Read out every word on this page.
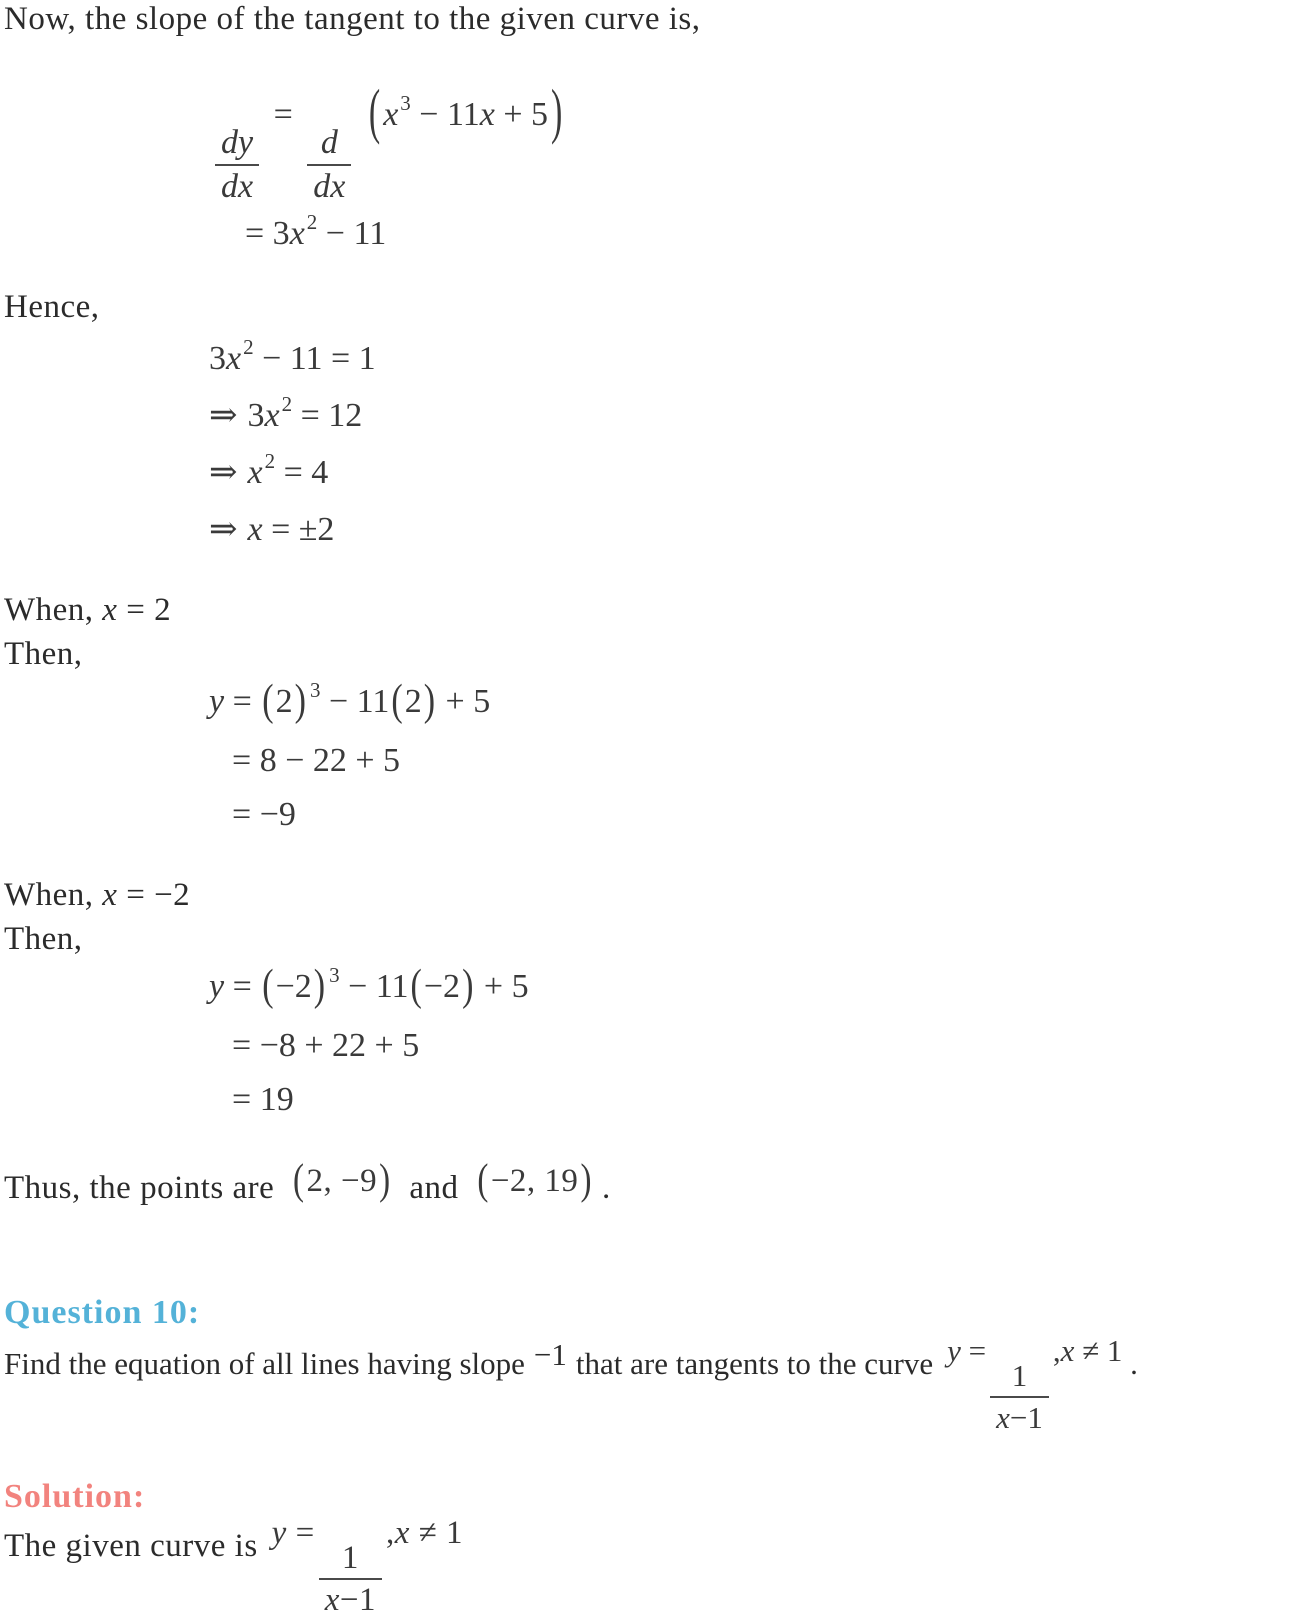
Now, the slope of the tangent to the given curve is,

$\frac{dy}{dx}$
=
$\frac{d}{dx}$
(x3 − 11x + 5)
= 3x2 − 11

Hence,

3x2 − 11 = 1
⇒ 3x2 = 12
⇒ x2 = 4
⇒ x = ±2

When, x = 2

Then,

y = (2) 3 − 11(2) + 5
= 8 − 22 + 5
= −9

When, x = −2

Then,

y = (−2) 3 − 11(−2) + 5
= −8 + 22 + 5
= 19

Thus, the points are (2, −9) and (−2, 19) .

Question 10:

Find the equation of all lines having slope −1 that are tangents to the curve y =
$\frac{1}{x-1}$
,x ≠ 1 .

Solution:

The given curve is y =
$\frac{1}{x-1}$
,x ≠ 1
